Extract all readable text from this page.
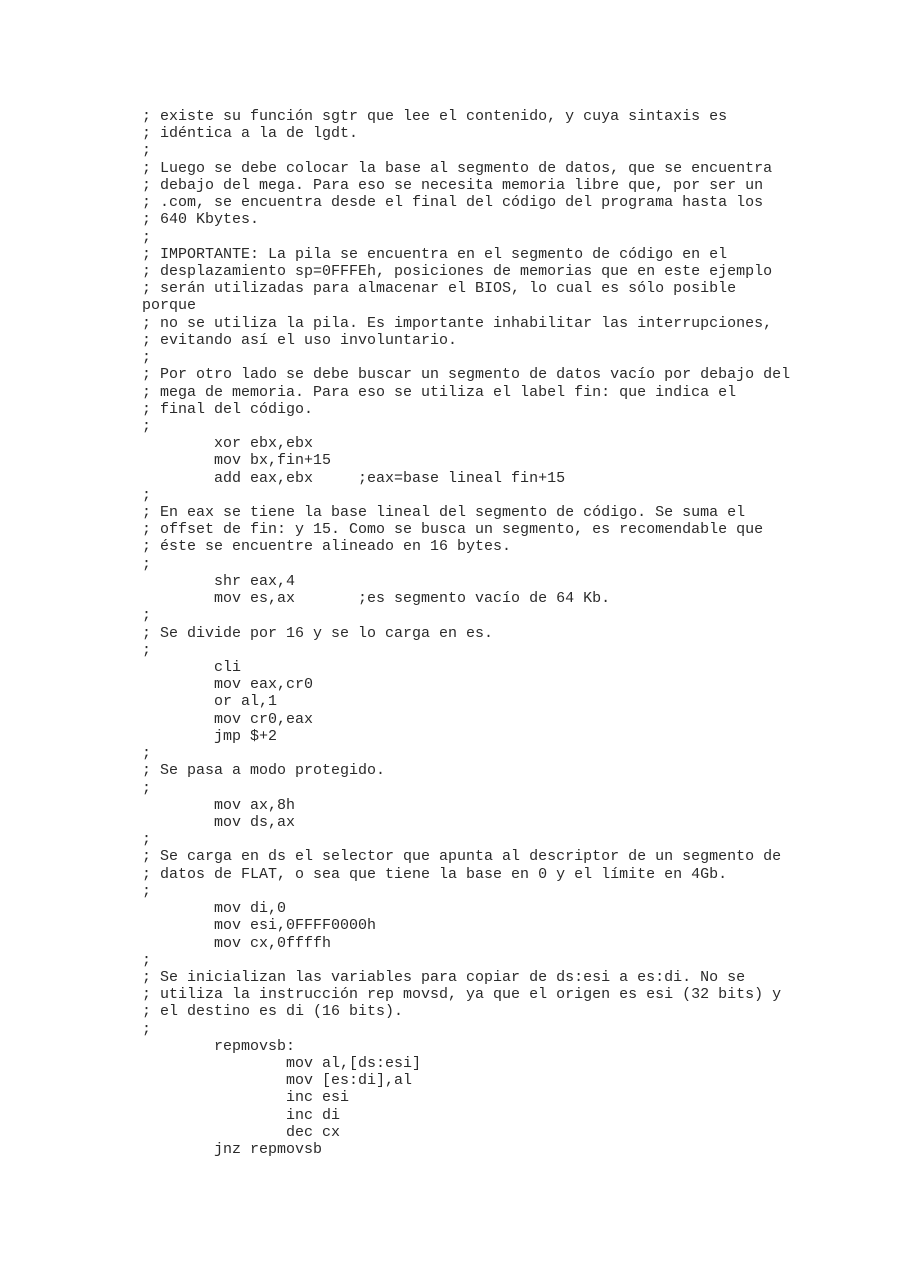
; existe su función sgtr que lee el contenido, y cuya sintaxis es
; idéntica a la de lgdt.
;
; Luego se debe colocar la base al segmento de datos, que se encuentra
; debajo del mega. Para eso se necesita memoria libre que, por ser un
; .com, se encuentra desde el final del código del programa hasta los
; 640 Kbytes.
;
; IMPORTANTE: La pila se encuentra en el segmento de código en el
; desplazamiento sp=0FFFEh, posiciones de memorias que en este ejemplo
; serán utilizadas para almacenar el BIOS, lo cual es sólo posible
porque
; no se utiliza la pila. Es importante inhabilitar las interrupciones,
; evitando así el uso involuntario.
;
; Por otro lado se debe buscar un segmento de datos vacío por debajo del
; mega de memoria. Para eso se utiliza el label fin: que indica el
; final del código.
;
xor ebx,ebx
mov bx,fin+15
add eax,ebx     ;eax=base lineal fin+15
;
; En eax se tiene la base lineal del segmento de código. Se suma el
; offset de fin: y 15. Como se busca un segmento, es recomendable que
; éste se encuentre alineado en 16 bytes.
;
shr eax,4
mov es,ax       ;es segmento vacío de 64 Kb.
;
; Se divide por 16 y se lo carga en es.
;
cli
mov eax,cr0
or al,1
mov cr0,eax
jmp $+2
;
; Se pasa a modo protegido.
;
mov ax,8h
mov ds,ax
;
; Se carga en ds el selector que apunta al descriptor de un segmento de
; datos de FLAT, o sea que tiene la base en 0 y el límite en 4Gb.
;
mov di,0
mov esi,0FFFF0000h
mov cx,0ffffh
;
; Se inicializan las variables para copiar de ds:esi a es:di. No se
; utiliza la instrucción rep movsd, ya que el origen es esi (32 bits) y
; el destino es di (16 bits).
;
repmovsb:
mov al,[ds:esi]
mov [es:di],al
inc esi
inc di
dec cx
jnz repmovsb
